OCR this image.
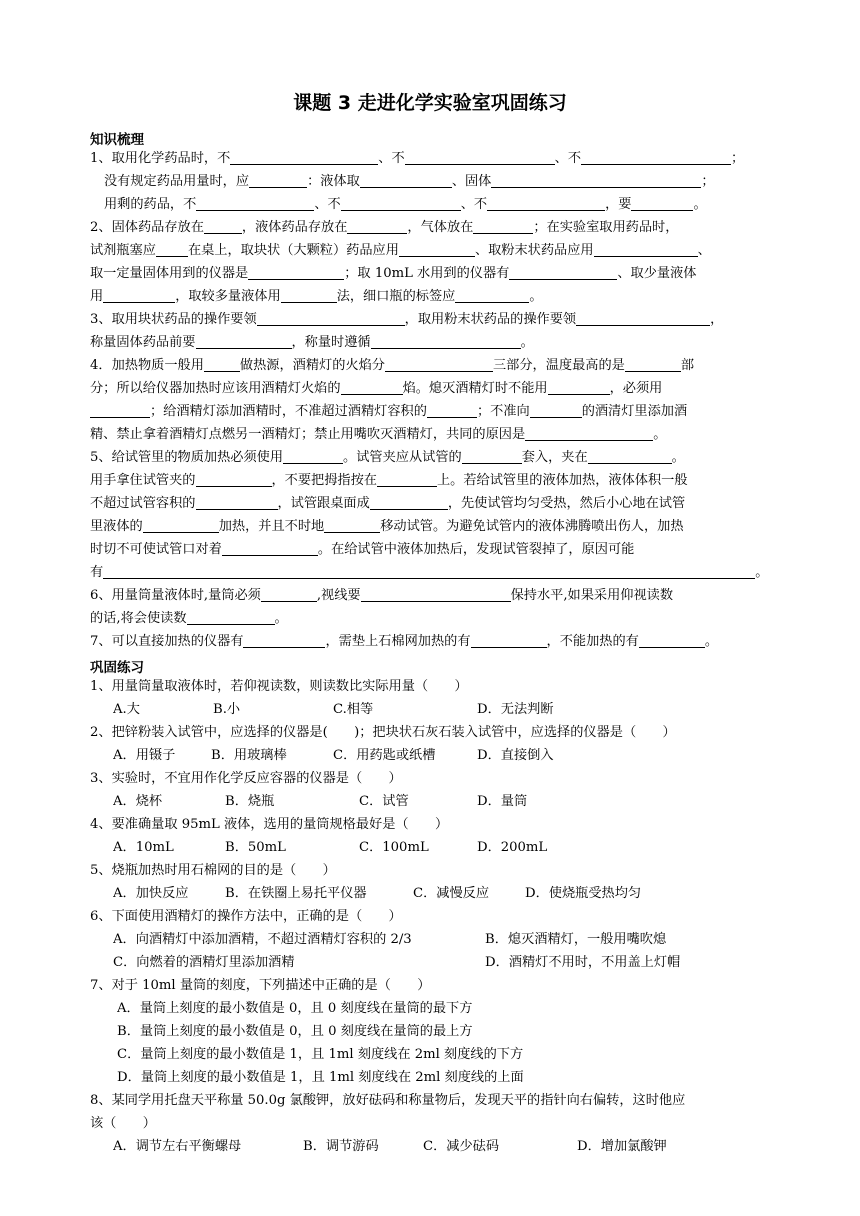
课题 3 走进化学实验室巩固练习
知识梳理
1、取用化学药品时，不	、不	、不	；
没有规定药品用量时，应	：液体取	、固体	；
用剩的药品，不	、不	、不	，要	。
2、固体药品存放在	，液体药品存放在	，气体放在	；在实验室取用药品时，
试剂瓶塞应 在桌上，取块状（大颗粒）药品应用	、取粉末状药品应用	、
取一定量固体用到的仪器是	；取 10mL 水用到的仪器有	、取少量液体
用	，取较多量液体用	法，细口瓶的标签应	。
3、取用块状药品的操作要领	，取用粉末状药品的操作要领	，
称量固体药品前要	，称量时遵循	。
4．加热物质一般用	做热源，酒精灯的火焰分	三部分，温度最高的是	部
分；所以给仪器加热时应该用酒精灯火焰的	焰。熄灭酒精灯时不能用	，必须用
；给酒精灯添加酒精时，不准超过酒精灯容积的	；不准向	的酒清灯里添加酒
精、禁止拿着酒精灯点燃另一酒精灯；禁止用嘴吹灭酒精灯，共同的原因是	。
5、给试管里的物质加热必须使用	。试管夹应从试管的	套入，夹在	。
用手拿住试管夹的	，不要把拇指按在	上。若给试管里的液体加热，液体体积一般
不超过试管容积的	，试管跟桌面成	，先使试管均匀受热，然后小心地在试管
里液体的	加热，并且不时地	移动试管。为避免试管内的液体沸腾喷出伤人，加热
时切不可使试管口对着	。在给试管中液体加热后，发现试管裂掉了，原因可能
有	。
6、用量筒量液体时,量筒必须	,视线要	保持水平,如果采用仰视读数
的话,将会使读数	。
7、可以直接加热的仪器有	，需垫上石棉网加热的有	，不能加热的有	。
巩固练习
1、用量筒量取液体时，若仰视读数，则读数比实际用量（　　）
A.大	B.小	C.相等	D．无法判断
2、把锌粉装入试管中，应选择的仪器是(　　)；把块状石灰石装入试管中，应选择的仪器是（　　）
A．用镊子	B．用玻璃棒	C．用药匙或纸槽	D．直接倒入
3、实验时，不宜用作化学反应容器的仪器是（　　）
A．烧杯	B．烧瓶	C．试管	D．量筒
4、要准确量取 95mL 液体，选用的量筒规格最好是（　　）
A．10mL	B．50mL	C．100mL	D．200mL
5、烧瓶加热时用石棉网的目的是（　　）
A．加快反应	B．在铁圈上易托平仪器	C．减慢反应	D．使烧瓶受热均匀
6、下面使用酒精灯的操作方法中，正确的是（　　）
A．向酒精灯中添加酒精，不超过酒精灯容积的 2/3	B．熄灭酒精灯，一般用嘴吹熄
C．向燃着的酒精灯里添加酒精	D．酒精灯不用时，不用盖上灯帽
7、对于 10ml 量筒的刻度，下列描述中正确的是（　　）
A．量筒上刻度的最小数值是 0，且 0 刻度线在量筒的最下方
B．量筒上刻度的最小数值是 0，且 0 刻度线在量筒的最上方
C．量筒上刻度的最小数值是 1，且 1ml 刻度线在 2ml 刻度线的下方
D．量筒上刻度的最小数值是 1，且 1ml 刻度线在 2ml 刻度线的上面
8、某同学用托盘天平称量 50.0g 氯酸钾，放好砝码和称量物后，发现天平的指针向右偏转，这时他应
该（　　）
A．调节左右平衡螺母	B．调节游码	C．减少砝码	D．增加氯酸钾
